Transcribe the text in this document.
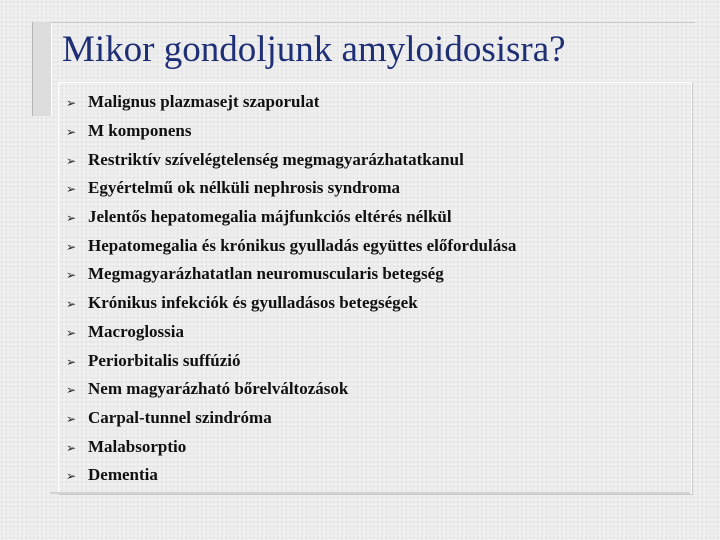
Mikor gondoljunk amyloidosisra?
➢ Malignus plazmasejt szaporulat
➢ M komponens
➢ Restriktív szívelégtelenség megmagyarázhatatkanul
➢ Egyértelmű ok nélküli nephrosis syndroma
➢ Jelentős hepatomegalia májfunkciós eltérés nélkül
➢ Hepatomegalia és krónikus gyulladás együttes előfordulása
➢ Megmagyarázhatatlan neuromuscularis betegség
➢ Krónikus infekciók és gyulladásos betegségek
➢ Macroglossia
➢ Periorbitalis suffúzió
➢ Nem magyarázható bőrelváltozások
➢ Carpal-tunnel szindróma
➢ Malabsorptio
➢ Dementia
